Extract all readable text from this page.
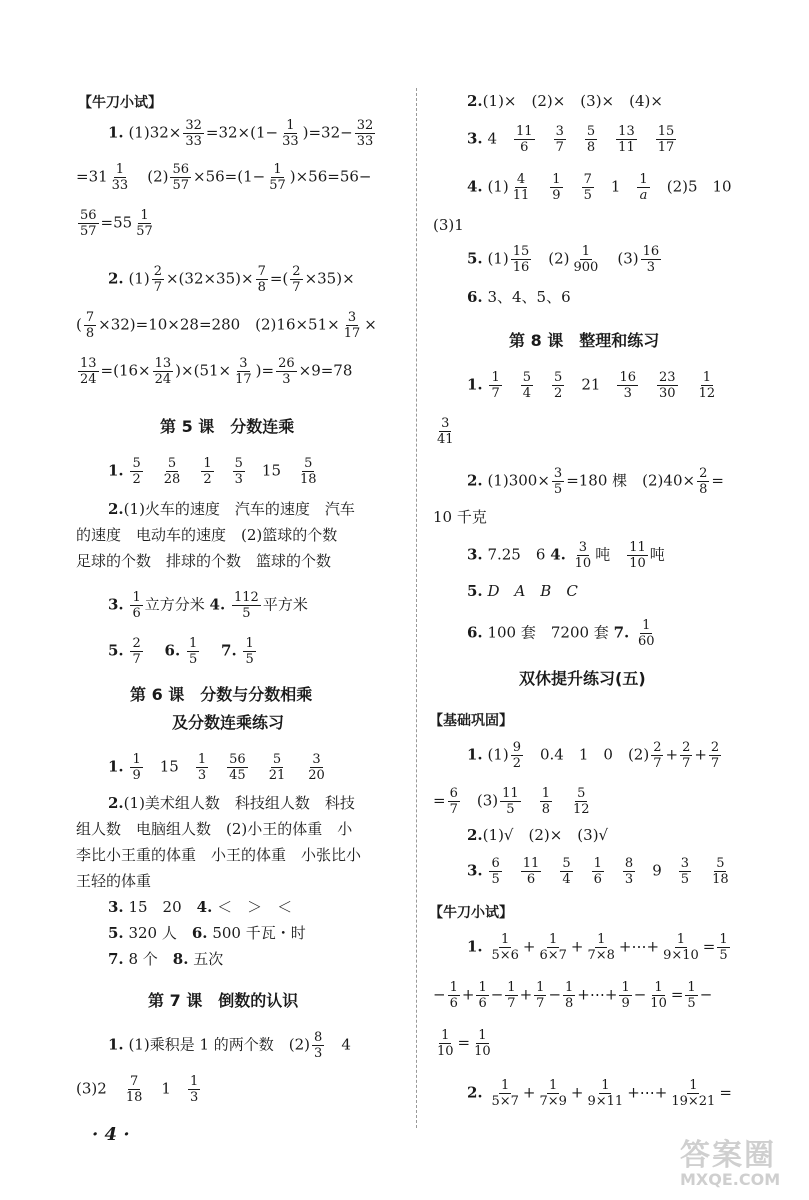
【牛刀小试】
1. $(1)32\times \frac{32}{33} =32\times(1- \frac{1}{33} )=32- \frac{32}{33}$
$=31 \frac{1}{33}$
　 $(2) \frac{56}{57} \times 56=(1- \frac{1}{57} )\times 56=56-$
$\frac{56}{57} =55 \frac{1}{57}$
2. $(1) \frac{2}{7} \times(32\times 35)\times \frac{7}{8}$ =( $\frac{2}{7} \times 35)\times$
( $\frac{7}{8} \times 32)=10\times 28=280$　$(2)16\times 51\times \frac{3}{17}$ ×
$\frac{13}{24} =(16\times \frac{13}{24} )\times(51\times \frac{3}{17}$ )= $\frac{26}{3} \times 9=78$
第 5 课　分数连乘
1. $\frac{5}{2}$
　 $\frac{5}{28}$
　 $\frac{1}{2}$
　 $\frac{5}{3}$
　 15　 $\frac{5}{18}$
2.(1)火车的速度　汽车的速度　汽车
的速度　电动车的速度　(2)篮球的个数
足球的个数　排球的个数　篮球的个数
3. $\frac{1}{6}$ 立方分米 4. $\frac{112}{5}$ 平方米
5. $\frac{2}{7}$
　 6. $\frac{1}{5}$
　 7. $\frac{1}{5}$
第 6 课　分数与分数相乘
及分数连乘练习
1. $\frac{1}{9}$
　 15　 $\frac{1}{3}$
　 $\frac{56}{45}$
　 $\frac{5}{21}$
　 $\frac{3}{20}$
2.(1)美术组人数　科技组人数　科技
组人数　电脑组人数　(2)小王的体重　小
李比小王重的体重　小王的体重　小张比小
王轻的体重
3. 15　20　 4. ＜　＞　＜
5. 320 人　 6. 500 千瓦・时
7. 8 个　 8. 五次
第 7 课　倒数的认识
1. (1)乘积是 1 的两个数　$(2) \frac{8}{3}$
　 4
(3)2　 $\frac{7}{18}$
　 1　 $\frac{1}{3}$
· 4 ·
2.(1)×　(2)×　(3)×　(4)×
3. 4　 $\frac{11}{6}$
　 $\frac{3}{7}$
　 $\frac{5}{8}$
　 $\frac{13}{11}$
　 $\frac{15}{17}$
4. $(1) \frac{4}{11}$
　 $\frac{1}{9}$
　 $\frac{7}{5}$
　 1　 $\frac{1}{a}$
　 (2)5　10
(3)1
5. $(1) \frac{15}{16}$
　 $(2) \frac{1}{900}$
　 $(3) \frac{16}{3}$
6. 3、4、5、6
第 8 课　整理和练习
1. $\frac{1}{7}$
　 $\frac{5}{4}$
　 $\frac{5}{2}$
　 21　 $\frac{16}{3}$
　 $\frac{23}{30}$
　 $\frac{1}{12}$
$\frac{3}{41}$
2. $(1)300\times \frac{3}{5} =180$ 棵　$(2)40\times \frac{2}{8}$ =
10 千克
3. 7.25　6 4. $\frac{3}{10}$ 吨　 $\frac{11}{10}$ 吨
5. D　A　B　C
6. 100 套　7200 套 7. $\frac{1}{60}$
双休提升练习(五)
【基础巩固】
1. $(1) \frac{9}{2}$
　 0.4　1　0　$(2) \frac{2}{7} + \frac{2}{7} + \frac{2}{7}$
= $\frac{6}{7}$
　 $(3) \frac{11}{5}$
　 $\frac{1}{8}$
　 $\frac{5}{12}$
2.(1)√　(2)×　(3)√
3. $\frac{6}{5}$
　 $\frac{11}{6}$
　 $\frac{5}{4}$
　 $\frac{1}{6}$
　 $\frac{8}{3}$
　 9　 $\frac{3}{5}$
　 $\frac{5}{18}$
【牛刀小试】
1. $\frac{1}{5\times 6} + \frac{1}{6\times 7} + \frac{1}{7\times 8}$ +⋯+ $\frac{1}{9\times 10} = \frac{1}{5}$
− $\frac{1}{6} + \frac{1}{6} - \frac{1}{7} + \frac{1}{7} - \frac{1}{8}$ +⋯+ $\frac{1}{9} - \frac{1}{10} = \frac{1}{5}$ −
$\frac{1}{10} = \frac{1}{10}$
2. $\frac{1}{5\times 7} + \frac{1}{7\times 9} + \frac{1}{9\times 11}$ +⋯+ $\frac{1}{19\times 21}$ =
答案圈
MXQE.COM
